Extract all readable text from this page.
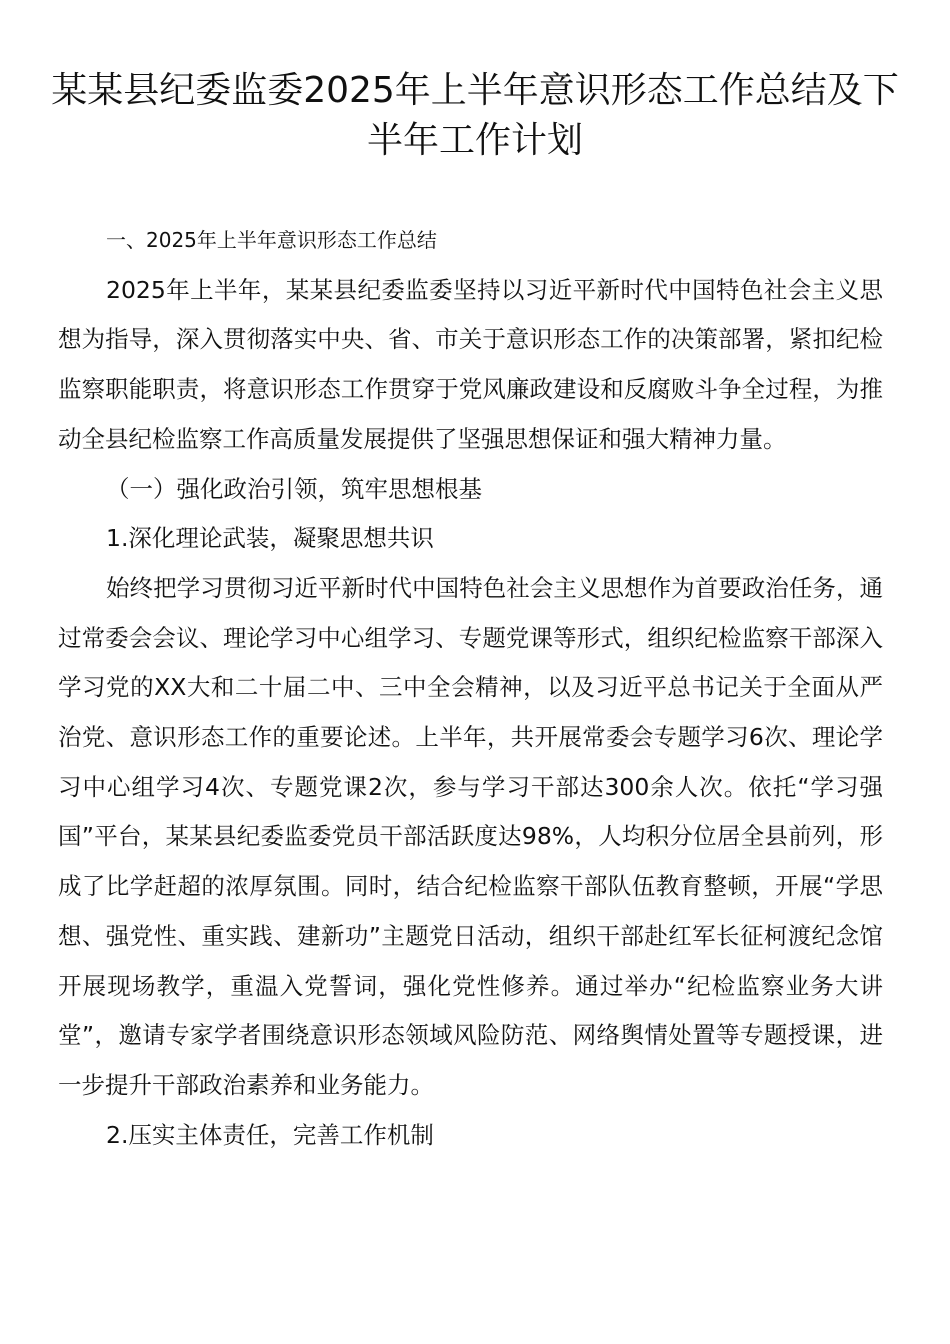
某某县纪委监委2025年上半年意识形态工作总结及下半年工作计划

一、2025年上半年意识形态工作总结

2025年上半年，某某县纪委监委坚持以习近平新时代中国特色社会主义思想为指导，深入贯彻落实中央、省、市关于意识形态工作的决策部署，紧扣纪检监察职能职责，将意识形态工作贯穿于党风廉政建设和反腐败斗争全过程，为推动全县纪检监察工作高质量发展提供了坚强思想保证和强大精神力量。

（一）强化政治引领，筑牢思想根基

1.深化理论武装，凝聚思想共识

始终把学习贯彻习近平新时代中国特色社会主义思想作为首要政治任务，通过常委会会议、理论学习中心组学习、专题党课等形式，组织纪检监察干部深入学习党的XX大和二十届二中、三中全会精神，以及习近平总书记关于全面从严治党、意识形态工作的重要论述。上半年，共开展常委会专题学习6次、理论学习中心组学习4次、专题党课2次，参与学习干部达300余人次。依托“学习强国”平台，某某县纪委监委党员干部活跃度达98%，人均积分位居全县前列，形成了比学赶超的浓厚氛围。同时，结合纪检监察干部队伍教育整顿，开展“学思想、强党性、重实践、建新功”主题党日活动，组织干部赴红军长征柯渡纪念馆开展现场教学，重温入党誓词，强化党性修养。通过举办“纪检监察业务大讲堂”，邀请专家学者围绕意识形态领域风险防范、网络舆情处置等专题授课，进一步提升干部政治素养和业务能力。

2.压实主体责任，完善工作机制
